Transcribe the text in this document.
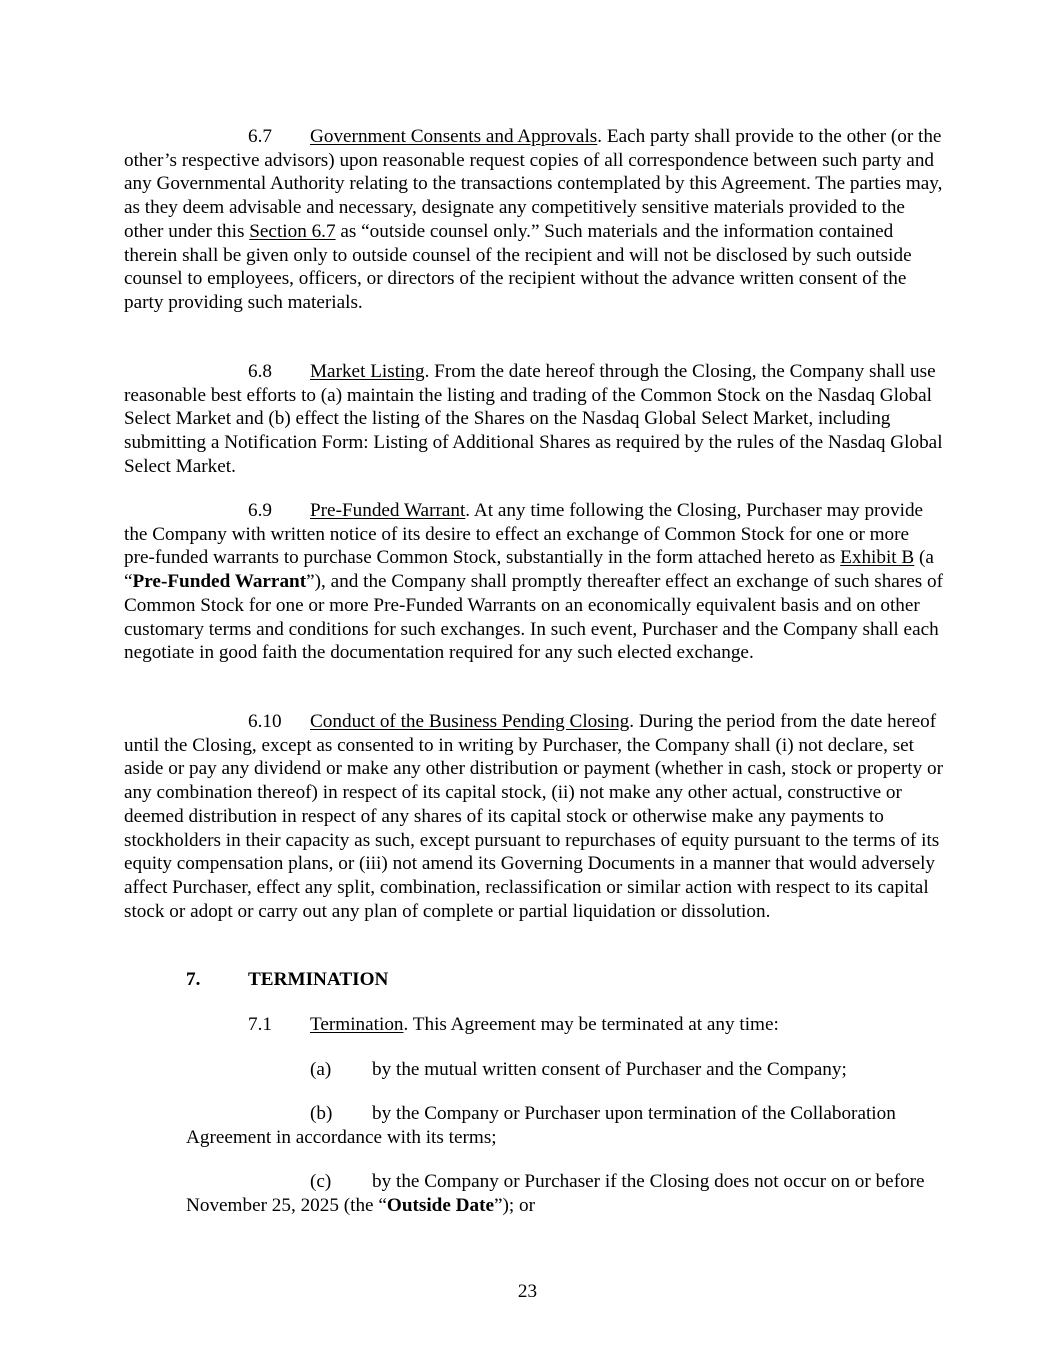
6.7 Government Consents and Approvals. Each party shall provide to the other (or the other’s respective advisors) upon reasonable request copies of all correspondence between such party and any Governmental Authority relating to the transactions contemplated by this Agreement. The parties may, as they deem advisable and necessary, designate any competitively sensitive materials provided to the other under this Section 6.7 as “outside counsel only.” Such materials and the information contained therein shall be given only to outside counsel of the recipient and will not be disclosed by such outside counsel to employees, officers, or directors of the recipient without the advance written consent of the party providing such materials.

6.8 Market Listing. From the date hereof through the Closing, the Company shall use reasonable best efforts to (a) maintain the listing and trading of the Common Stock on the Nasdaq Global Select Market and (b) effect the listing of the Shares on the Nasdaq Global Select Market, including submitting a Notification Form: Listing of Additional Shares as required by the rules of the Nasdaq Global Select Market.

6.9 Pre-Funded Warrant. At any time following the Closing, Purchaser may provide the Company with written notice of its desire to effect an exchange of Common Stock for one or more pre-funded warrants to purchase Common Stock, substantially in the form attached hereto as Exhibit B (a “Pre-Funded Warrant”), and the Company shall promptly thereafter effect an exchange of such shares of Common Stock for one or more Pre-Funded Warrants on an economically equivalent basis and on other customary terms and conditions for such exchanges. In such event, Purchaser and the Company shall each negotiate in good faith the documentation required for any such elected exchange.

6.10 Conduct of the Business Pending Closing. During the period from the date hereof until the Closing, except as consented to in writing by Purchaser, the Company shall (i) not declare, set aside or pay any dividend or make any other distribution or payment (whether in cash, stock or property or any combination thereof) in respect of its capital stock, (ii) not make any other actual, constructive or deemed distribution in respect of any shares of its capital stock or otherwise make any payments to stockholders in their capacity as such, except pursuant to repurchases of equity pursuant to the terms of its equity compensation plans, or (iii) not amend its Governing Documents in a manner that would adversely affect Purchaser, effect any split, combination, reclassification or similar action with respect to its capital stock or adopt or carry out any plan of complete or partial liquidation or dissolution.

7. TERMINATION

7.1 Termination. This Agreement may be terminated at any time:

(a) by the mutual written consent of Purchaser and the Company;

(b) by the Company or Purchaser upon termination of the Collaboration Agreement in accordance with its terms;

(c) by the Company or Purchaser if the Closing does not occur on or before November 25, 2025 (the “Outside Date”); or

23
